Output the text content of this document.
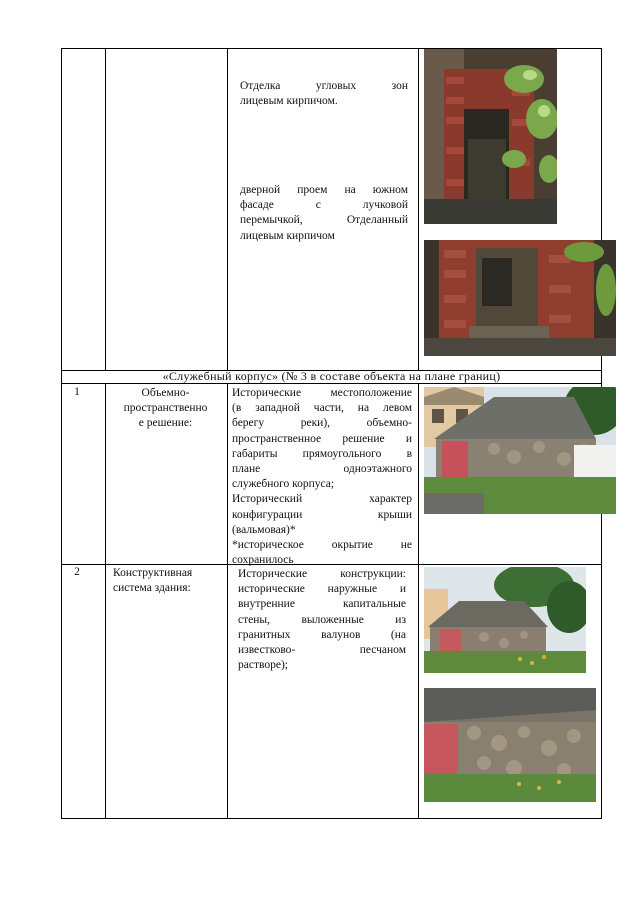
Отделка угловых зон
лицевым кирпичом.
дверной проем на южном
фасаде с лучковой
перемычкой, Отделанный
лицевым кирпичом
«Служебный корпус» (№ 3 в составе объекта на плане границ)
1	Объемно-
пространственно
е решение:
Исторические местоположение
(в западной части, на левом
берегу реки), объемно-
пространственное решение и
габариты прямоугольного в
плане одноэтажного
служебного корпуса;
Исторический характер
конфигурации крыши
(вальмовая)*
*историческое окрытие не
сохранилось
2	Конструктивная
система здания:
Исторические конструкции:
исторические наружные и
внутренние капитальные
стены, выложенные из
гранитных валунов (на
известково- песчаном
растворе);
